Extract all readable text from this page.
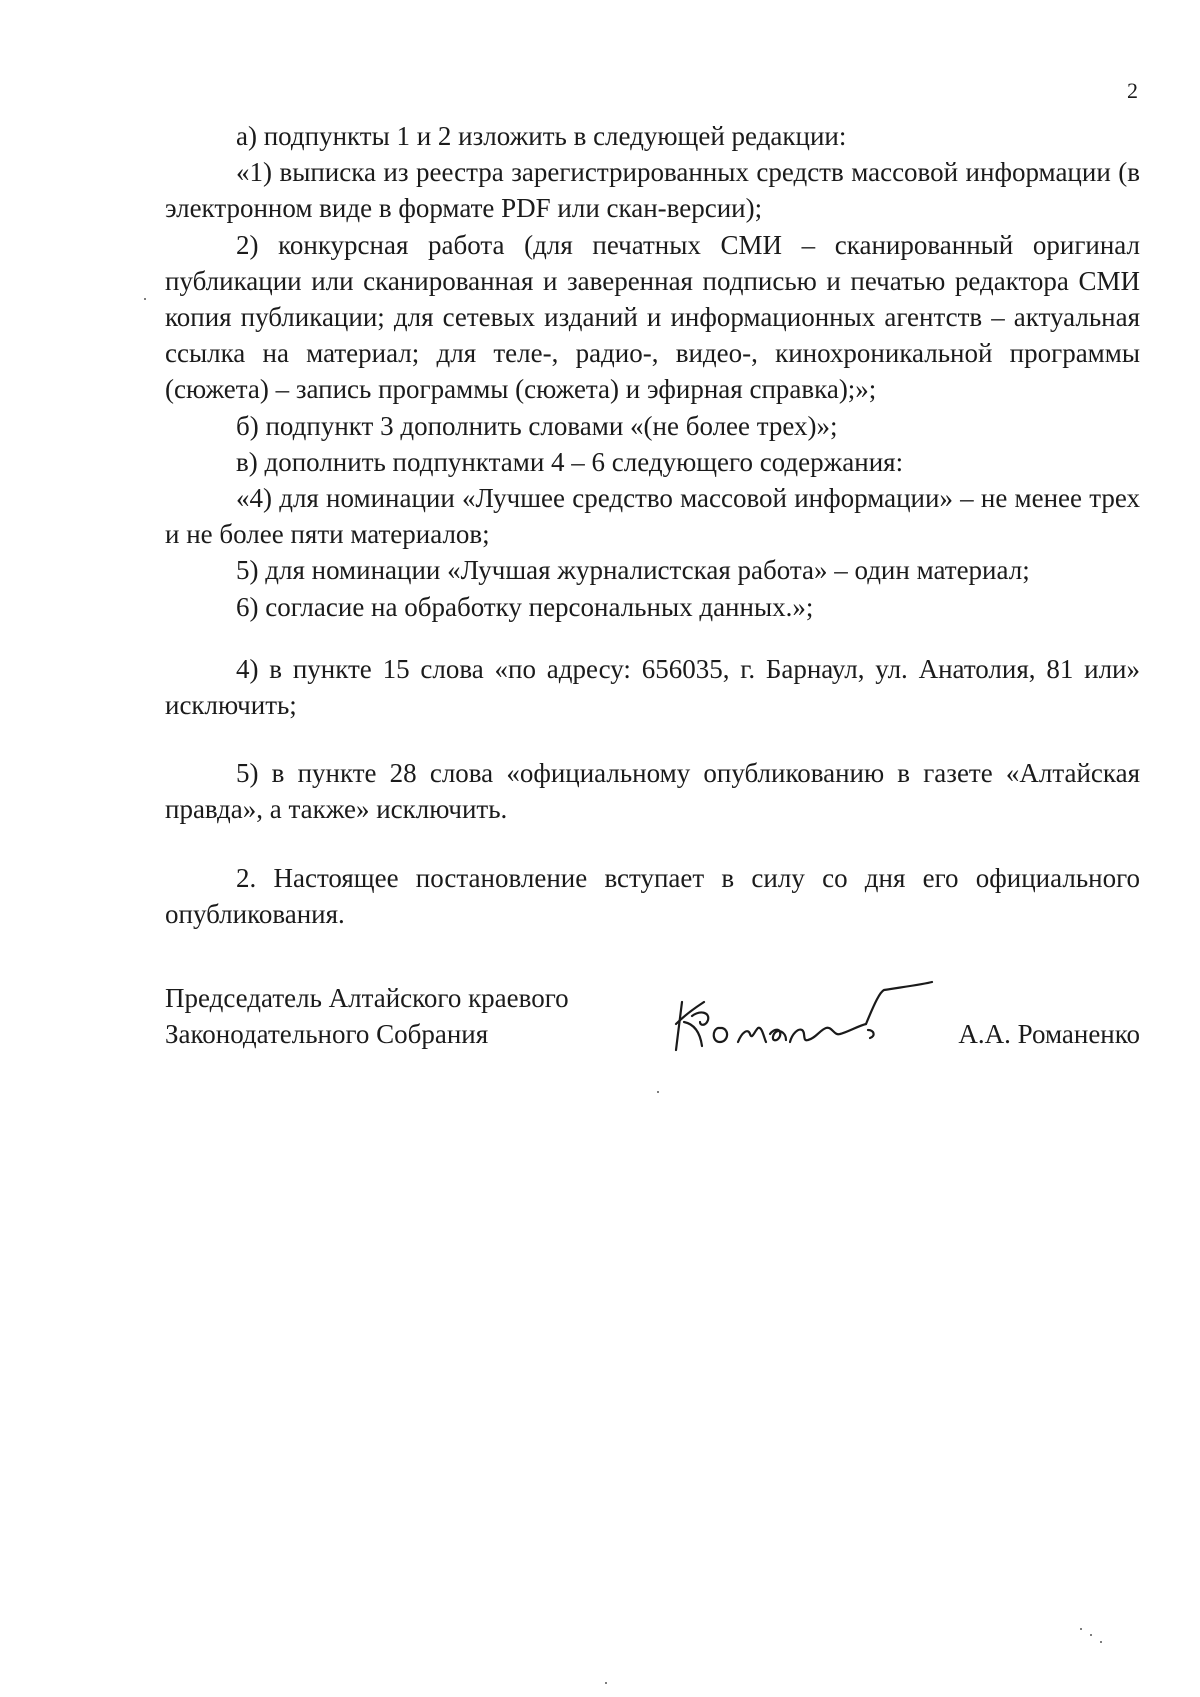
2

а) подпункты 1 и 2 изложить в следующей редакции:

«1) выписка из реестра зарегистрированных средств массовой информации (в электронном виде в формате PDF или скан-версии);

2) конкурсная работа (для печатных СМИ – сканированный оригинал публикации или сканированная и заверенная подписью и печатью редактора СМИ копия публикации; для сетевых изданий и информационных агентств – актуальная ссылка на материал; для теле-, радио-, видео-, кинохроникальной программы (сюжета) – запись программы (сюжета) и эфирная справка);»;

б) подпункт 3 дополнить словами «(не более трех)»;

в) дополнить подпунктами 4 – 6 следующего содержания:

«4) для номинации «Лучшее средство массовой информации» – не менее трех и не более пяти материалов;

5) для номинации «Лучшая журналистская работа» – один материал;

6) согласие на обработку персональных данных.»;

4) в пункте 15 слова «по адресу: 656035, г. Барнаул, ул. Анатолия, 81 или» исключить;

5) в пункте 28 слова «официальному опубликованию в газете «Алтайская правда», а также» исключить.

2. Настоящее постановление вступает в силу со дня его официального опубликования.

Председатель Алтайского краевого
Законодательного Собрания	А.А. Романенко
